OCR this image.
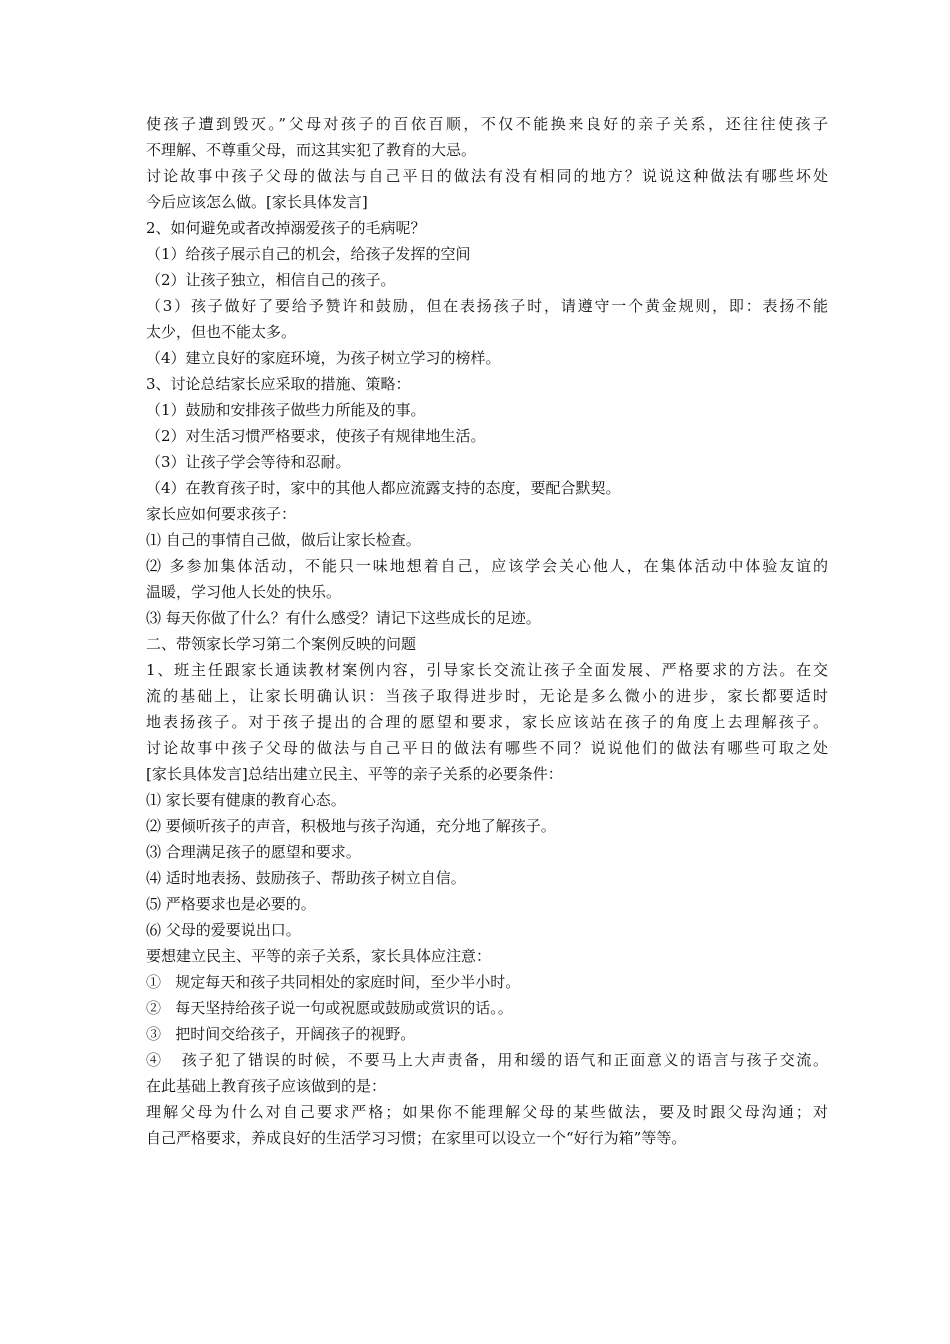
使孩子遭到毁灭。”父母对孩子的百依百顺，不仅不能换来良好的亲子关系，还往往使孩子
不理解、不尊重父母，而这其实犯了教育的大忌。
讨论故事中孩子父母的做法与自己平日的做法有没有相同的地方？说说这种做法有哪些坏处
今后应该怎么做。[家长具体发言]
2、如何避免或者改掉溺爱孩子的毛病呢？
（1）给孩子展示自己的机会，给孩子发挥的空间
（2）让孩子独立，相信自己的孩子。
（3）孩子做好了要给予赞许和鼓励，但在表扬孩子时，请遵守一个黄金规则，即：表扬不能
太少，但也不能太多。
（4）建立良好的家庭环境，为孩子树立学习的榜样。
3、讨论总结家长应采取的措施、策略：
（1）鼓励和安排孩子做些力所能及的事。
（2）对生活习惯严格要求，使孩子有规律地生活。
（3）让孩子学会等待和忍耐。
（4）在教育孩子时，家中的其他人都应流露支持的态度，要配合默契。
家长应如何要求孩子：
⑴ 自己的事情自己做，做后让家长检查。
⑵ 多参加集体活动，不能只一味地想着自己，应该学会关心他人，在集体活动中体验友谊的
温暖，学习他人长处的快乐。
⑶ 每天你做了什么？有什么感受？请记下这些成长的足迹。
二、带领家长学习第二个案例反映的问题
1、班主任跟家长通读教材案例内容，引导家长交流让孩子全面发展、严格要求的方法。在交
流的基础上，让家长明确认识：当孩子取得进步时，无论是多么微小的进步，家长都要适时
地表扬孩子。对于孩子提出的合理的愿望和要求，家长应该站在孩子的角度上去理解孩子。
讨论故事中孩子父母的做法与自己平日的做法有哪些不同？说说他们的做法有哪些可取之处
[家长具体发言]总结出建立民主、平等的亲子关系的必要条件：
⑴ 家长要有健康的教育心态。
⑵ 要倾听孩子的声音，积极地与孩子沟通，充分地了解孩子。
⑶ 合理满足孩子的愿望和要求。
⑷ 适时地表扬、鼓励孩子、帮助孩子树立自信。
⑸ 严格要求也是必要的。
⑹ 父母的爱要说出口。
要想建立民主、平等的亲子关系，家长具体应注意：
①   规定每天和孩子共同相处的家庭时间，至少半小时。
②   每天坚持给孩子说一句或祝愿或鼓励或赏识的话。。
③   把时间交给孩子，开阔孩子的视野。
④   孩子犯了错误的时候，不要马上大声责备，用和缓的语气和正面意义的语言与孩子交流。
在此基础上教育孩子应该做到的是：
理解父母为什么对自己要求严格；如果你不能理解父母的某些做法，要及时跟父母沟通；对
自己严格要求，养成良好的生活学习习惯；在家里可以设立一个“好行为箱”等等。
